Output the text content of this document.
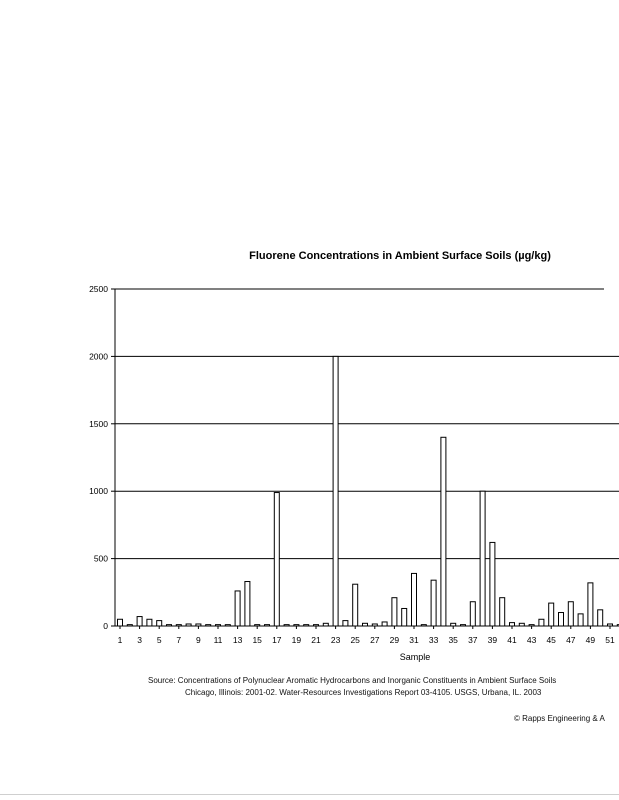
Fluorene Concentrations in Ambient Surface Soils (µg/kg)
0
500
1000
1500
2000
2500
1 3 5 7 9 11 13 15 17 19 21 23 25 27 29 31 33 35 37 39 41 43 45 47 49 51
Sample
Source: Concentrations of Polynuclear Aromatic Hydrocarbons and Inorganic Constituents in Ambient Surface Soils
Chicago, Illinois: 2001-02. Water-Resources Investigations Report 03-4105. USGS, Urbana, IL. 2003
© Rapps Engineering & A
